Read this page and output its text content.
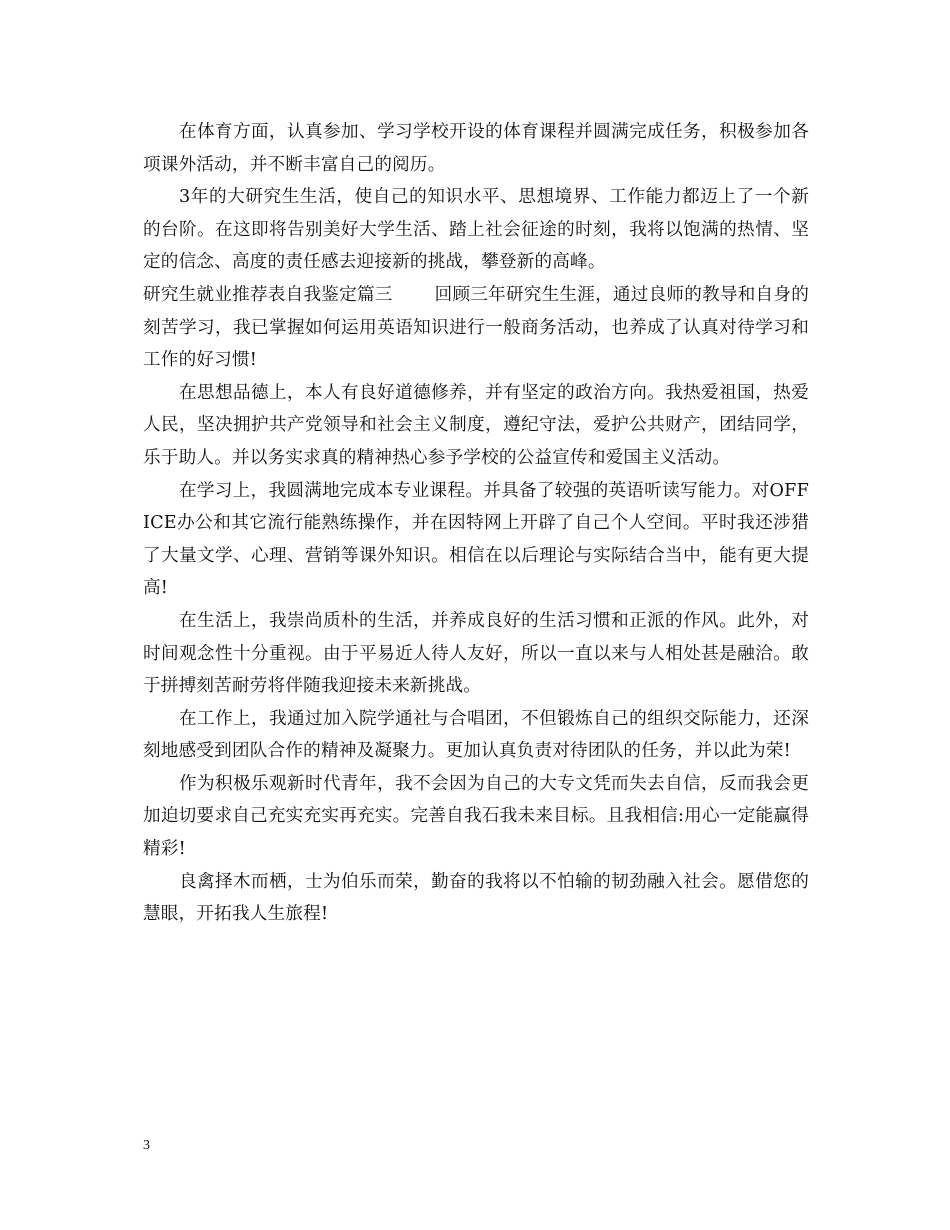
在体育方面，认真参加、学习学校开设的体育课程并圆满完成任务，积极参加各项课外活动，并不断丰富自己的阅历。

3年的大研究生生活，使自己的知识水平、思想境界、工作能力都迈上了一个新的台阶。在这即将告别美好大学生活、踏上社会征途的时刻，我将以饱满的热情、坚定的信念、高度的责任感去迎接新的挑战，攀登新的高峰。

研究生就业推荐表自我鉴定篇三 回顾三年研究生生涯，通过良师的教导和自身的刻苦学习，我已掌握如何运用英语知识进行一般商务活动，也养成了认真对待学习和工作的好习惯!

在思想品德上，本人有良好道德修养，并有坚定的政治方向。我热爱祖国，热爱人民，坚决拥护共产党领导和社会主义制度，遵纪守法，爱护公共财产，团结同学，乐于助人。并以务实求真的精神热心参予学校的公益宣传和爱国主义活动。

在学习上，我圆满地完成本专业课程。并具备了较强的英语听读写能力。对OFFICE办公和其它流行能熟练操作，并在因特网上开辟了自己个人空间。平时我还涉猎了大量文学、心理、营销等课外知识。相信在以后理论与实际结合当中，能有更大提高!

在生活上，我崇尚质朴的生活，并养成良好的生活习惯和正派的作风。此外，对时间观念性十分重视。由于平易近人待人友好，所以一直以来与人相处甚是融洽。敢于拼搏刻苦耐劳将伴随我迎接未来新挑战。

在工作上，我通过加入院学通社与合唱团，不但锻炼自己的组织交际能力，还深刻地感受到团队合作的精神及凝聚力。更加认真负责对待团队的任务，并以此为荣!

作为积极乐观新时代青年，我不会因为自己的大专文凭而失去自信，反而我会更加迫切要求自己充实充实再充实。完善自我石我未来目标。且我相信:用心一定能赢得精彩!

良禽择木而栖，士为伯乐而荣，勤奋的我将以不怕输的韧劲融入社会。愿借您的慧眼，开拓我人生旅程!

3
